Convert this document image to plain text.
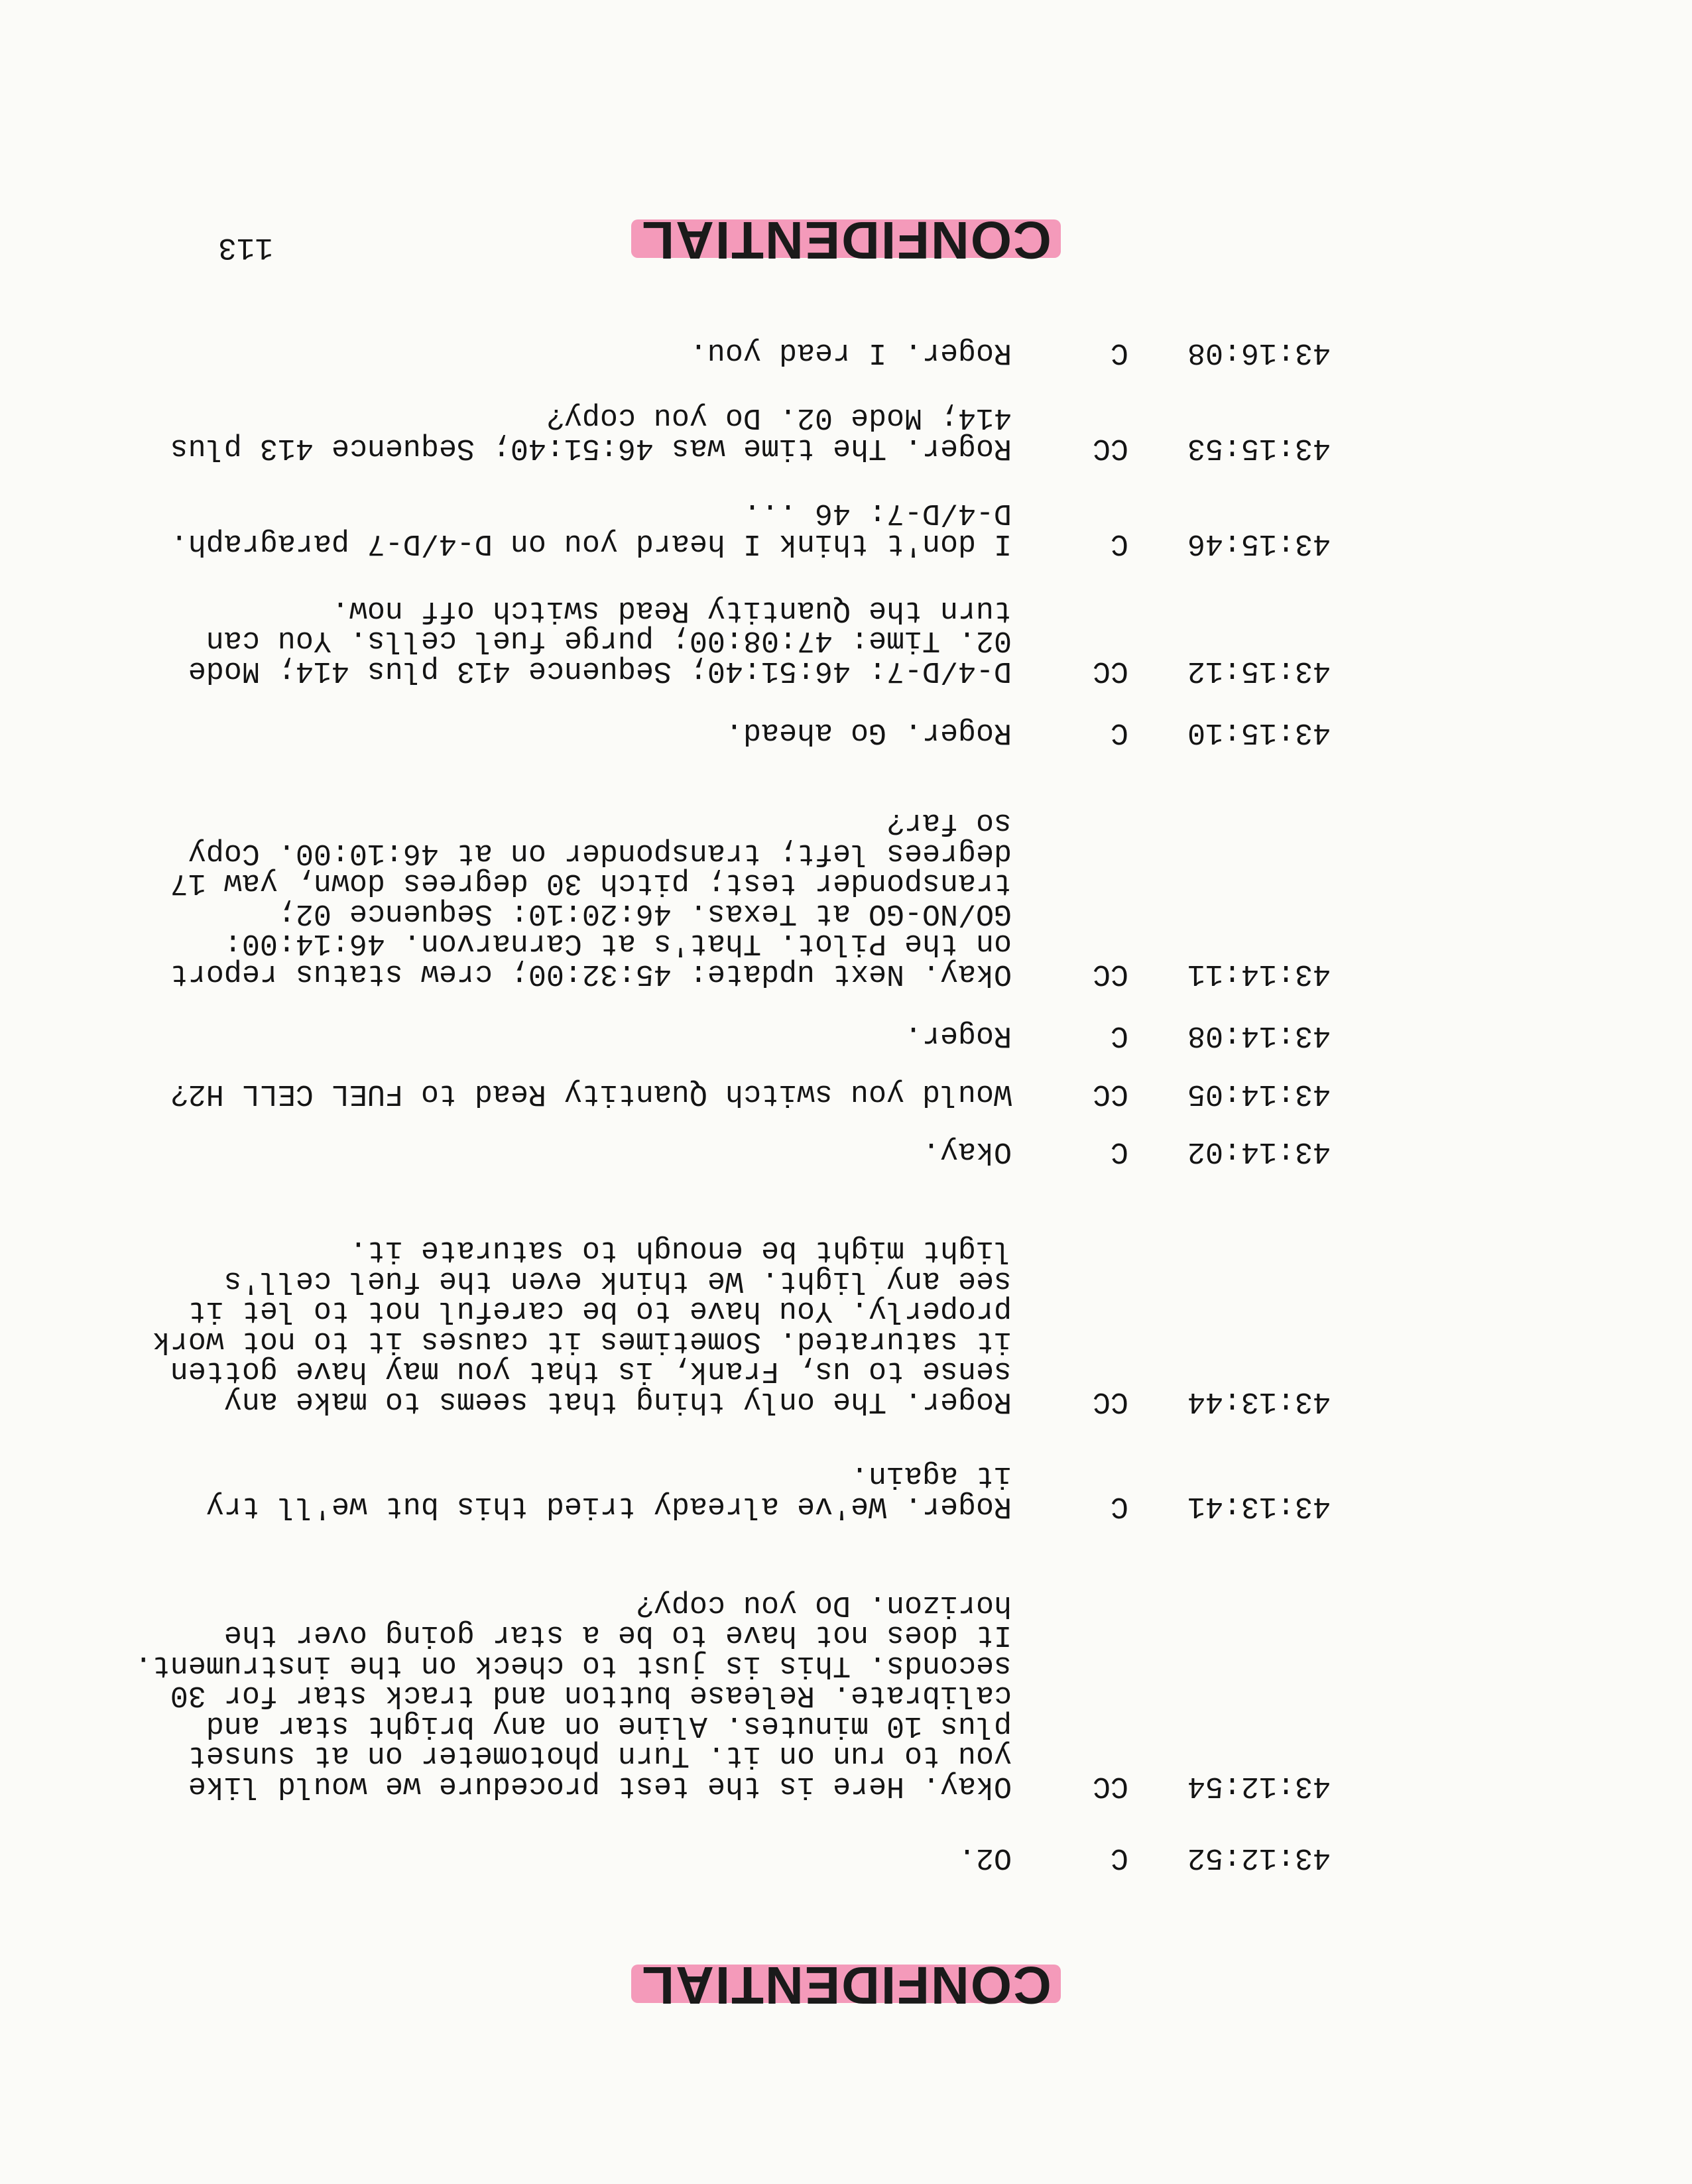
CONFIDENTIAL
43:12:52
C
O2.
43:12:54
CC
Okay. Here is the test procedure we would like
you to run on it. Turn photometer on at sunset
plus 10 minutes. Aline on any bright star and
calibrate. Release button and track star for 30
seconds. This is just to check on the instrument.
It does not have to be a star going over the
horizon. Do you copy?
43:13:41
C
Roger. We've already tried this but we'll try
it again.
43:13:44
CC
Roger. The only thing that seems to make any
sense to us, Frank, is that you may have gotten
it saturated. Sometimes it causes it to not work
properly. You have to be careful not to let it
see any light. We think even the fuel cell's
light might be enough to saturate it.
43:14:02
C
Okay.
43:14:05
CC
Would you switch Quantity Read to FUEL CELL H2?
43:14:08
C
Roger.
43:14:11
CC
Okay. Next update: 45:32:00; crew status report
on the Pilot. That's at Carnarvon. 46:14:00:
GO/NO-GO at Texas. 46:20:10: Sequence 02;
transponder test; pitch 30 degrees down, yaw 17
degrees left; transponder on at 46:10:00. Copy
so far?
43:15:10
C
Roger. Go ahead.
43:15:12
CC
D-4/D-7: 46:51:40; Sequence 413 plus 414; Mode
02. Time: 47:08:00; purge fuel cells. You can
turn the Quantity Read switch off now.
43:15:46
C
I don't think I heard you on D-4/D-7 paragraph.
D-4/D-7: 46 ...
43:15:53
CC
Roger. The time was 46:51:40; Sequence 413 plus
414; Mode 02. Do you copy?
43:16:08
C
Roger. I read you.
CONFIDENTIAL
113
